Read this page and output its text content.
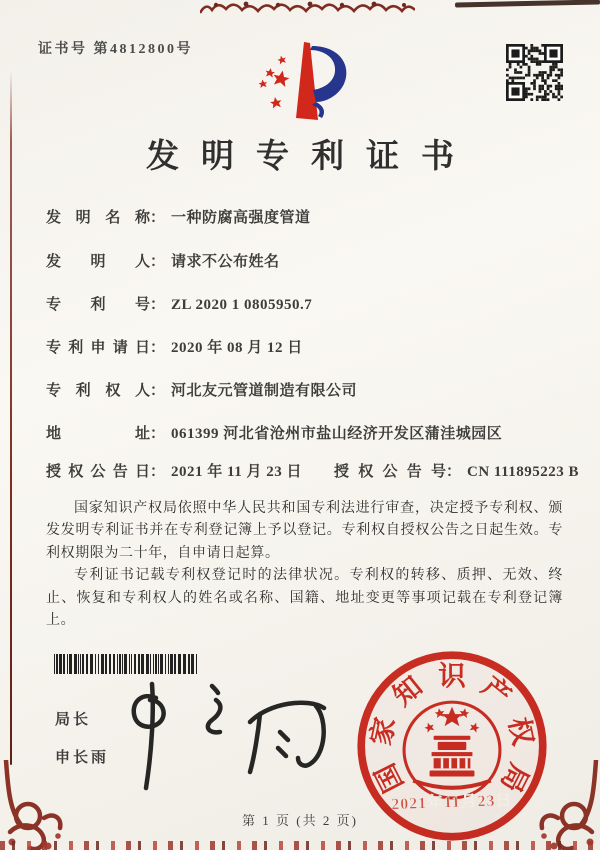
证书号 第4812800号
发明专利证书
发明名称： 一种防腐高强度管道
发明人： 请求不公布姓名
专利号： ZL 2020 1 0805950.7
专利申请日： 2020 年 08 月 12 日
专利权人： 河北友元管道制造有限公司
地址： 061399 河北省沧州市盐山经济开发区蒲洼城园区
授权公告日： 2021 年 11 月 23 日 授权公告号： CN 111895223 B

国家知识产权局依照中华人民共和国专利法进行审查，决定授予专利权、颁发发明专利证书并在专利登记簿上予以登记。专利权自授权公告之日起生效。专利权期限为二十年，自申请日起算。

专利证书记载专利权登记时的法律状况。专利权的转移、质押、无效、终止、恢复和专利权人的姓名或名称、国籍、地址变更等事项记载在专利登记簿上。

局长
申长雨
国
家
知 识 产
权
局
2021年11月23日
第 1 页 (共 2 页)
